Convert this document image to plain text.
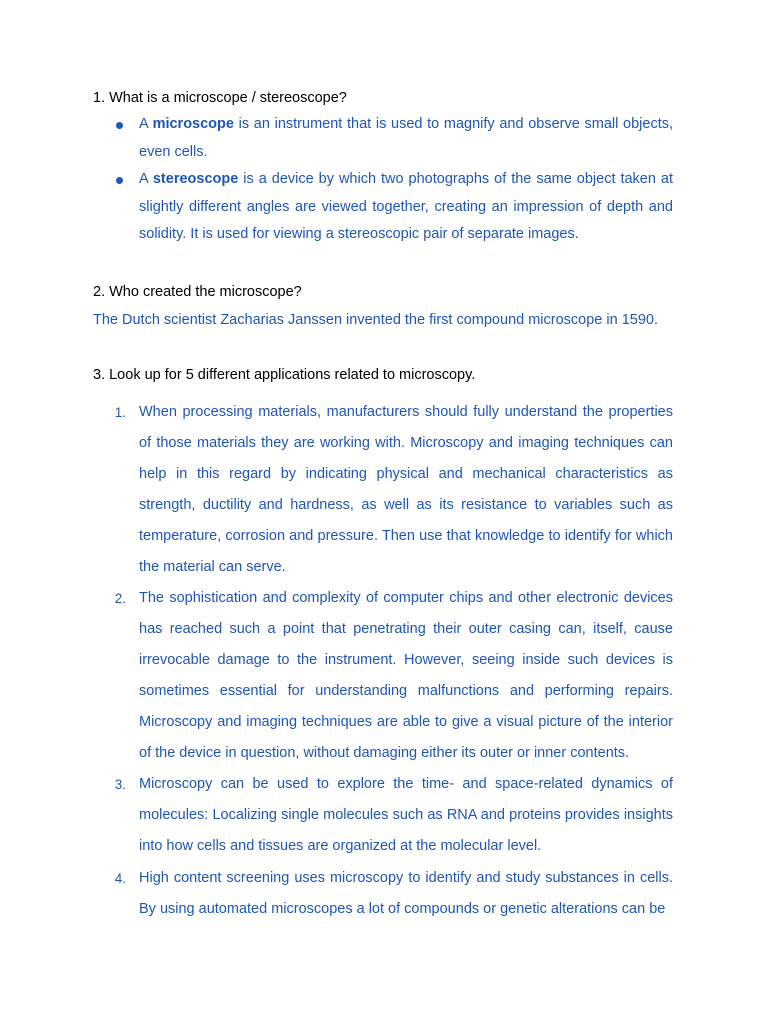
1. What is a microscope / stereoscope?
A microscope is an instrument that is used to magnify and observe small objects, even cells.
A stereoscope is a device by which two photographs of the same object taken at slightly different angles are viewed together, creating an impression of depth and solidity. It is used for viewing a stereoscopic pair of separate images.
2. Who created the microscope?
The Dutch scientist Zacharias Janssen invented the first compound microscope in 1590.
3. Look up for 5 different applications related to microscopy.
1. When processing materials, manufacturers should fully understand the properties of those materials they are working with. Microscopy and imaging techniques can help in this regard by indicating physical and mechanical characteristics as strength, ductility and hardness, as well as its resistance to variables such as temperature, corrosion and pressure. Then use that knowledge to identify for which the material can serve.
2. The sophistication and complexity of computer chips and other electronic devices has reached such a point that penetrating their outer casing can, itself, cause irrevocable damage to the instrument. However, seeing inside such devices is sometimes essential for understanding malfunctions and performing repairs. Microscopy and imaging techniques are able to give a visual picture of the interior of the device in question, without damaging either its outer or inner contents.
3. Microscopy can be used to explore the time- and space-related dynamics of molecules: Localizing single molecules such as RNA and proteins provides insights into how cells and tissues are organized at the molecular level.
4. High content screening uses microscopy to identify and study substances in cells. By using automated microscopes a lot of compounds or genetic alterations can be
